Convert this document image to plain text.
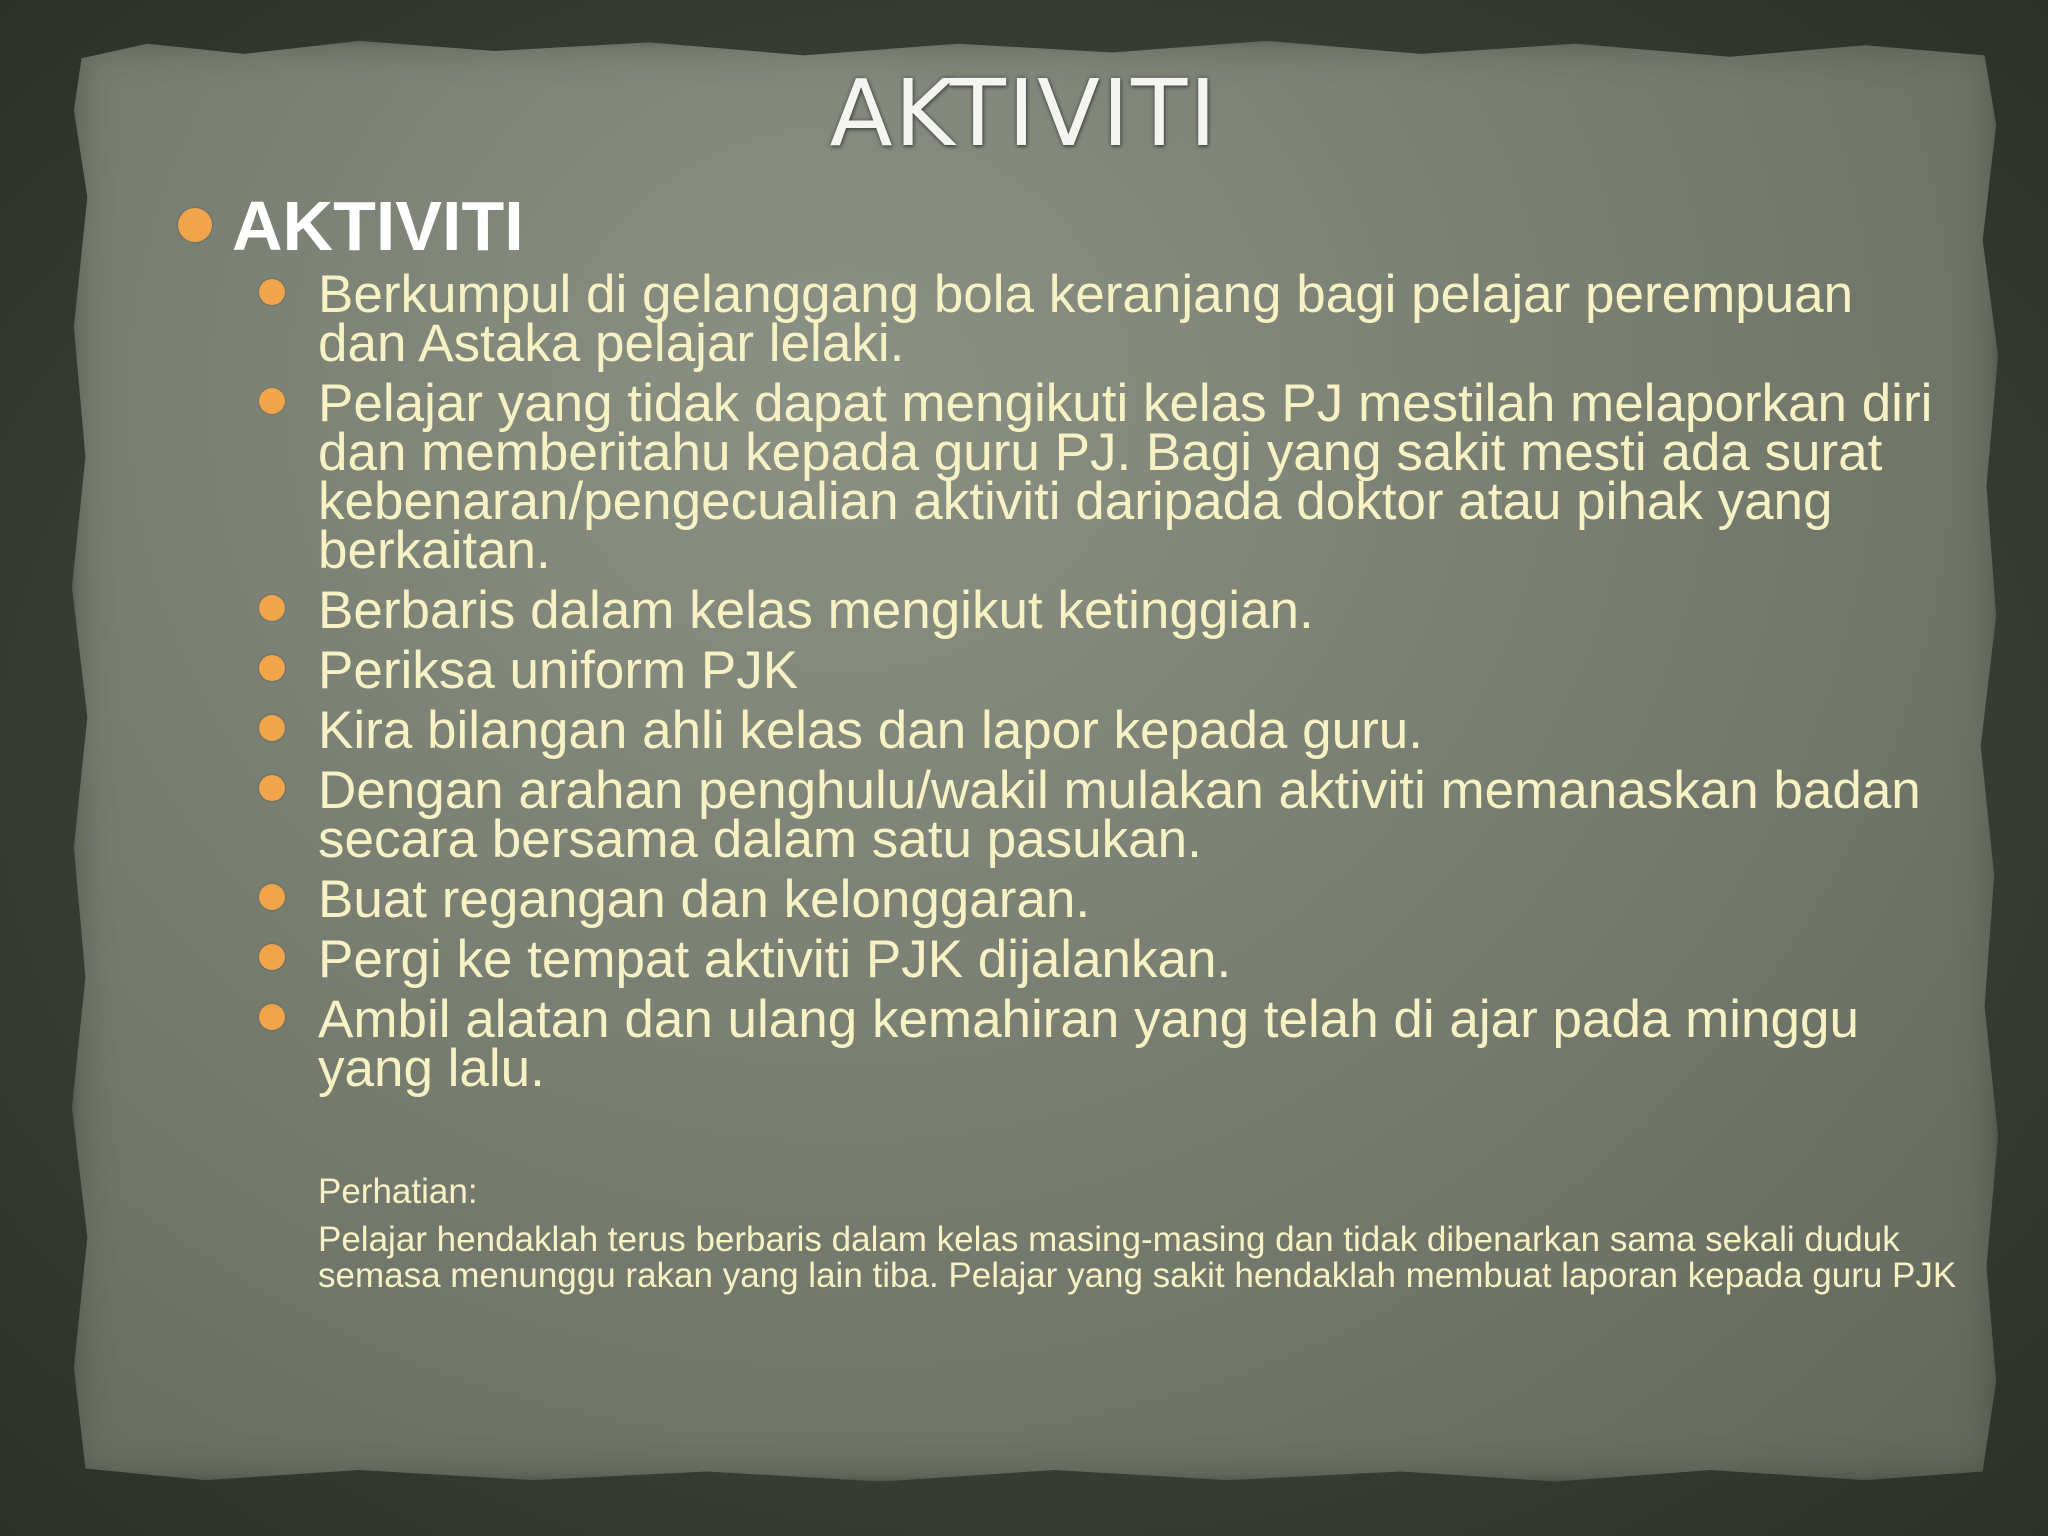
AKTIVITI
AKTIVITI
Berkumpul di gelanggang bola keranjang bagi pelajar perempuan dan Astaka pelajar lelaki.
Pelajar yang tidak dapat mengikuti kelas PJ mestilah melaporkan diri dan memberitahu kepada guru PJ. Bagi yang sakit mesti ada surat kebenaran/pengecualian aktiviti daripada doktor atau pihak yang berkaitan.
Berbaris dalam kelas mengikut ketinggian.
Periksa uniform PJK
Kira bilangan ahli kelas dan lapor kepada guru.
Dengan arahan penghulu/wakil mulakan aktiviti memanaskan badan secara bersama dalam satu pasukan.
Buat regangan dan kelonggaran.
Pergi ke tempat aktiviti PJK dijalankan.
Ambil alatan dan ulang kemahiran yang telah di ajar pada minggu yang lalu.

Perhatian:

Pelajar hendaklah terus berbaris dalam kelas masing-masing dan tidak dibenarkan sama sekali duduk semasa menunggu rakan yang lain tiba. Pelajar yang sakit hendaklah membuat laporan kepada guru PJK
